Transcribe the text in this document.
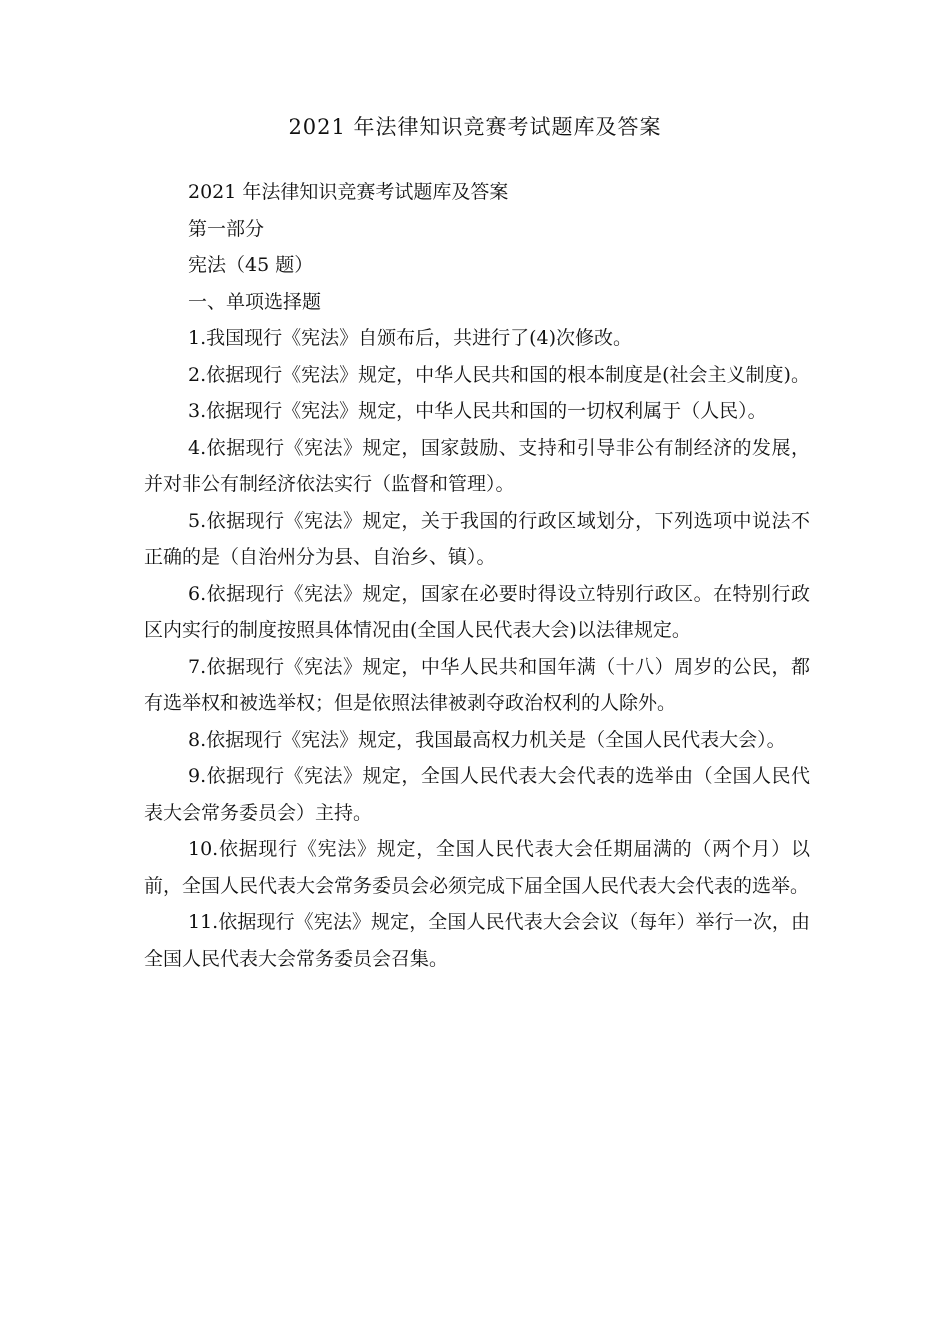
2021 年法律知识竞赛考试题库及答案

2021 年法律知识竞赛考试题库及答案

第一部分

宪法（45 题）

一、单项选择题

1.我国现行《宪法》自颁布后，共进行了(4)次修改。

2.依据现行《宪法》规定，中华人民共和国的根本制度是(社会主义制度)。

3.依据现行《宪法》规定，中华人民共和国的一切权利属于（人民）。

4.依据现行《宪法》规定，国家鼓励、支持和引导非公有制经济的发展，并对非公有制经济依法实行（监督和管理）。

5.依据现行《宪法》规定，关于我国的行政区域划分，下列选项中说法不正确的是（自治州分为县、自治乡、镇）。

6.依据现行《宪法》规定，国家在必要时得设立特别行政区。在特别行政区内实行的制度按照具体情况由(全国人民代表大会)以法律规定。

7.依据现行《宪法》规定，中华人民共和国年满（十八）周岁的公民，都有选举权和被选举权；但是依照法律被剥夺政治权利的人除外。

8.依据现行《宪法》规定，我国最高权力机关是（全国人民代表大会）。

9.依据现行《宪法》规定，全国人民代表大会代表的选举由（全国人民代表大会常务委员会）主持。

10.依据现行《宪法》规定，全国人民代表大会任期届满的（两个月）以前，全国人民代表大会常务委员会必须完成下届全国人民代表大会代表的选举。

11.依据现行《宪法》规定，全国人民代表大会会议（每年）举行一次，由全国人民代表大会常务委员会召集。
